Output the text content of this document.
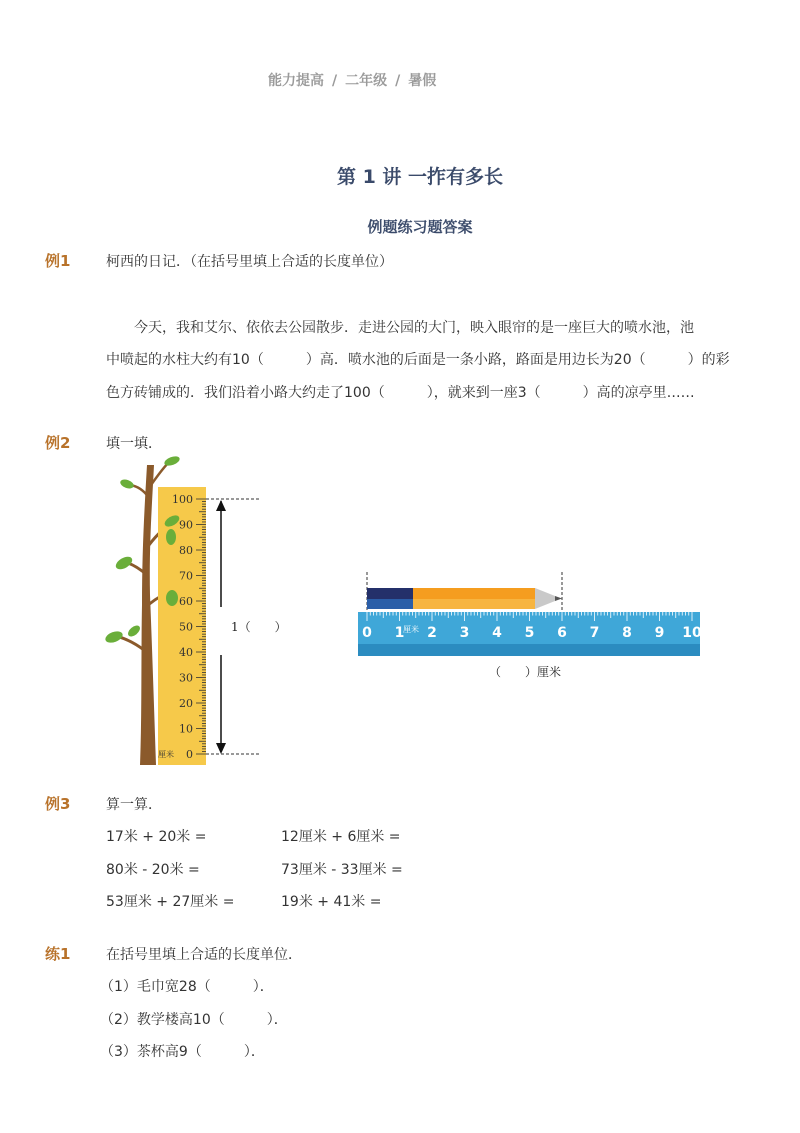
能力提高 / 二年级 / 暑假
第 1 讲 一拃有多长
例题练习题答案
例1	柯西的日记．（在括号里填上合适的长度单位）
今天，我和艾尔、依依去公园散步．走进公园的大门，映入眼帘的是一座巨大的喷水池，池
中喷起的水柱大约有10（　　　）高．喷水池的后面是一条小路，路面是用边长为20（　　　）的彩
色方砖铺成的．我们沿着小路大约走了100（　　　），就来到一座3（　　　）高的凉亭里……
例2	填一填．
100
90
80
70
60
50
40
30
20
10
0
1（　　）
厘米
0 1 2 3 4 5 6 7 8 9 10
厘米
（　　）厘米
例3	算一算．
17米 + 20米 =	12厘米 + 6厘米 =
80米 - 20米 =	73厘米 - 33厘米 =
53厘米 + 27厘米 =	19米 + 41米 =
练1	在括号里填上合适的长度单位．
（1）毛巾宽28（　　　）．
（2）教学楼高10（　　　）．
（3）茶杯高9（　　　）．
